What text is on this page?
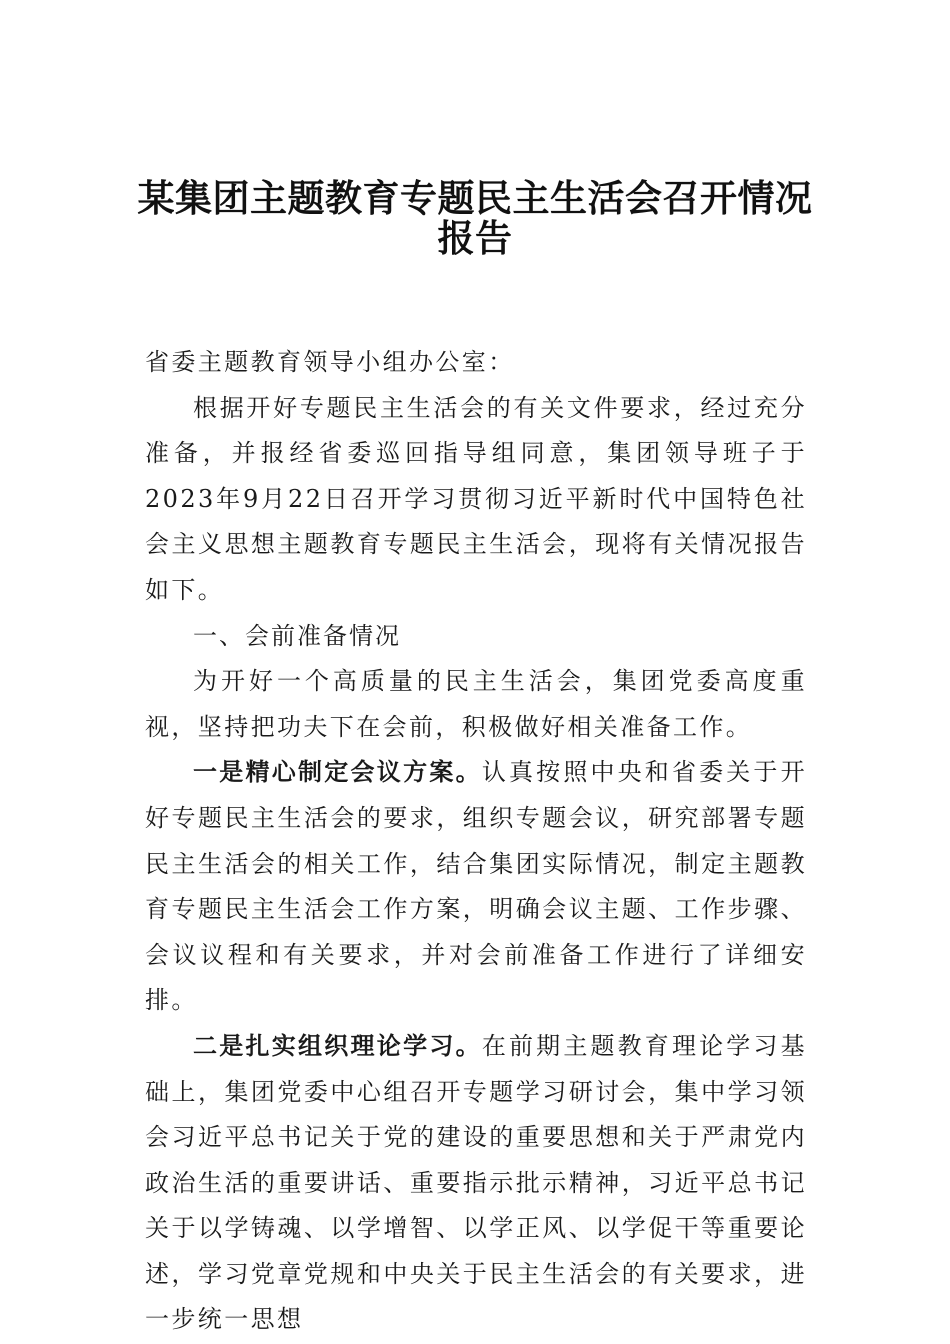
某集团主题教育专题民主生活会召开情况
报告

省委主题教育领导小组办公室：

根据开好专题民主生活会的有关文件要求，经过充分准备，并报经省委巡回指导组同意，集团领导班子于2023年9月22日召开学习贯彻习近平新时代中国特色社会主义思想主题教育专题民主生活会，现将有关情况报告如下。

一、会前准备情况

为开好一个高质量的民主生活会，集团党委高度重视，坚持把功夫下在会前，积极做好相关准备工作。

一是精心制定会议方案。认真按照中央和省委关于开好专题民主生活会的要求，组织专题会议，研究部署专题民主生活会的相关工作，结合集团实际情况，制定主题教育专题民主生活会工作方案，明确会议主题、工作步骤、会议议程和有关要求，并对会前准备工作进行了详细安排。

二是扎实组织理论学习。在前期主题教育理论学习基础上，集团党委中心组召开专题学习研讨会，集中学习领会习近平总书记关于党的建设的重要思想和关于严肃党内政治生活的重要讲话、重要指示批示精神，习近平总书记关于以学铸魂、以学增智、以学正风、以学促干等重要论述，学习党章党规和中央关于民主生活会的有关要求，进一步统一思想
